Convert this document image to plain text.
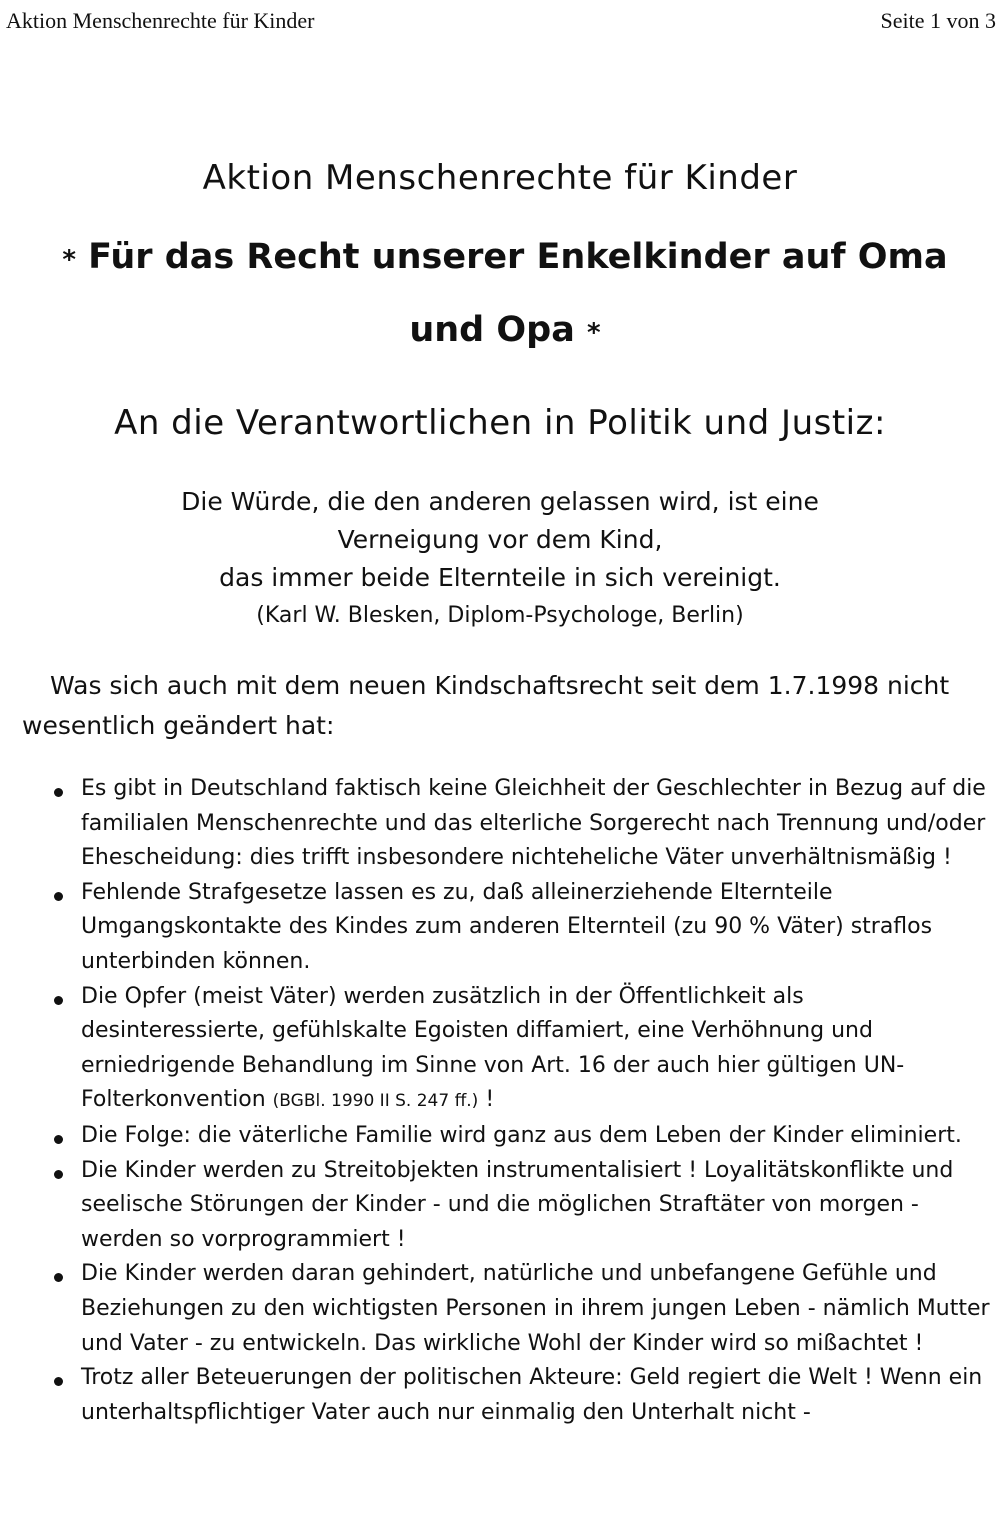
Aktion Menschenrechte für Kinder	Seite 1 von 3
Aktion Menschenrechte für Kinder
* Für das Recht unserer Enkelkinder auf Oma und Opa *
An die Verantwortlichen in Politik und Justiz:
Die Würde, die den anderen gelassen wird, ist eine
Verneigung vor dem Kind,
das immer beide Elternteile in sich vereinigt.
(Karl W. Blesken, Diplom-Psychologe, Berlin)
Was sich auch mit dem neuen Kindschaftsrecht seit dem 1.7.1998 nicht
wesentlich geändert hat:
Es gibt in Deutschland faktisch keine Gleichheit der Geschlechter in Bezug auf die familialen Menschenrechte und das elterliche Sorgerecht nach Trennung und/oder Ehescheidung: dies trifft insbesondere nichteheliche Väter unverhältnismäßig !
Fehlende Strafgesetze lassen es zu, daß alleinerziehende Elternteile Umgangskontakte des Kindes zum anderen Elternteil (zu 90 % Väter) straflos unterbinden können.
Die Opfer (meist Väter) werden zusätzlich in der Öffentlichkeit als desinteressierte, gefühlskalte Egoisten diffamiert, eine Verhöhnung und erniedrigende Behandlung im Sinne von Art. 16 der auch hier gültigen UN-Folterkonvention (BGBl. 1990 II S. 247 ff.) !
Die Folge: die väterliche Familie wird ganz aus dem Leben der Kinder eliminiert.
Die Kinder werden zu Streitobjekten instrumentalisiert ! Loyalitätskonflikte und seelische Störungen der Kinder - und die möglichen Straftäter von morgen - werden so vorprogrammiert !
Die Kinder werden daran gehindert, natürliche und unbefangene Gefühle und Beziehungen zu den wichtigsten Personen in ihrem jungen Leben - nämlich Mutter und Vater - zu entwickeln. Das wirkliche Wohl der Kinder wird so mißachtet !
Trotz aller Beteuerungen der politischen Akteure: Geld regiert die Welt ! Wenn ein unterhaltspflichtiger Vater auch nur einmalig den Unterhalt nicht -
